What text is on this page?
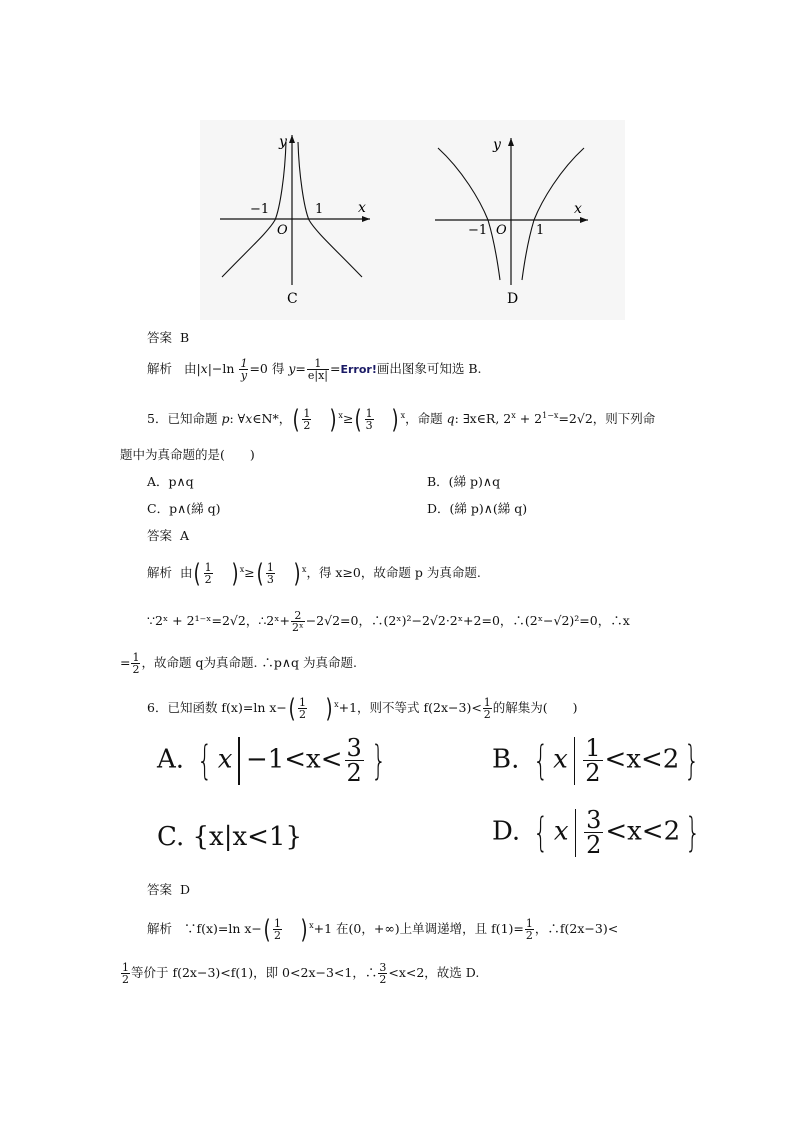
y
x
O
−1	1
C
y
x
O
−1	1
D
答案 B
解析 由$|x|-\ln \frac{1}{y} =0$ 得 $y= \frac{1}{e|x|}$ =Error!画出图象可知选 B.
5．已知命题 p: ∀x∈N*，( $\frac{1}{2}$ ) $^x\ge( \frac{1}{3}$ ) $^x$，命题 q: ∃x∈R, $2^x + 2^{1-x}=2√2$，则下列命
题中为真命题的是(　　)
A．p∧q	B．(綈 p)∧q
C．p∧(綈 q)	D．(綈 p)∧(綈 q)
答案 A
解析 由( $\frac{1}{2}$ ) $^x\ge( \frac{1}{3}$ ) $^x$，得 x≥0，故命题 p 为真命题.
∵2ˣ + 2¹⁻ˣ=2√2，∴2ˣ+ $\frac{2}{\text{2ˣ}} -2√2=0$，∴(2ˣ)²−2√2·2ˣ+2=0，∴(2ˣ−√2)²=0，∴x
= $\frac{1}{2}$ ，故命题 q为真命题. ∴p∧q 为真命题.
6．已知函数 f(x)=ln $x-( \frac{1}{2}$ ) $^x$+1，则不等式 $f(2x-3)< \frac{1}{2}$ 的解集为(　　)
A. { $x -1<x< \frac{3}{2}$ }	B. { x $\frac{1}{2} <x<2$ }
C. {x|x<1}	D. { x $\frac{3}{2} <x<2$ }
答案 D
解析 ∵f(x)=ln $x-( \frac{1}{2}$ ) $^x$+1 在(0，+∞)上单调递增，且 $f(1)= \frac{1}{2}$ ，∴f(2x−3)<
$\frac{1}{2}$ 等价于 f(2x−3)<f(1)，即 0<2x−3<1，∴ $\frac{3}{2} <x<2$，故选 D.
